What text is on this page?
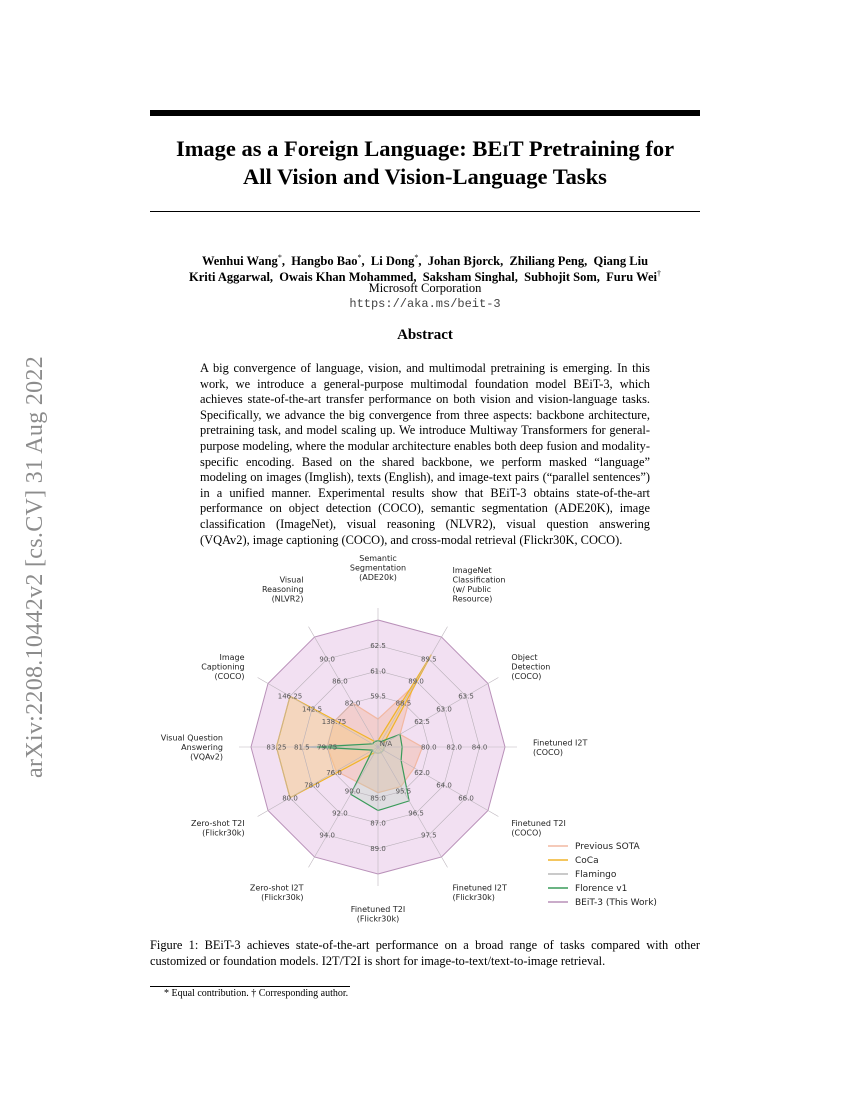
arXiv:2208.10442v2 [cs.CV] 31 Aug 2022
Image as a Foreign Language: BEiT Pretraining for
All Vision and Vision-Language Tasks
Wenhui Wang*,  Hangbo Bao*,  Li Dong*,  Johan Bjorck,  Zhiliang Peng,  Qiang Liu
Kriti Aggarwal,  Owais Khan Mohammed,  Saksham Singhal,  Subhojit Som,  Furu Wei†
Microsoft Corporation
https://aka.ms/beit-3
Abstract
A big convergence of language, vision, and multimodal pretraining is emerging. In this work, we introduce a general-purpose multimodal foundation model BEiT-3, which achieves state-of-the-art transfer performance on both vision and vision-language tasks. Specifically, we advance the big convergence from three aspects: backbone architecture, pretraining task, and model scaling up. We introduce Multiway Transformers for general-purpose modeling, where the modular architecture enables both deep fusion and modality-specific encoding. Based on the shared backbone, we perform masked “language” modeling on images (Imglish), texts (English), and image-text pairs (“parallel sentences”) in a unified manner. Experimental results show that BEiT-3 obtains state-of-the-art performance on object detection (COCO), semantic segmentation (ADE20K), image classification (ImageNet), visual reasoning (NLVR2), visual question answering (VQAv2), image captioning (COCO), and cross-modal retrieval (Flickr30K, COCO).
59.5
61.0
62.5
88.5
89.0
89.5
62.5
63.0
63.5
80.0 82.0 84.0
62.0
64.0
66.0
95.5
96.5
97.5
85.0
87.0
89.0
90.0
92.0
94.0
76.0
78.0
80.0
79.75
81.5
83.25
138.75
142.5
146.25
82.0
86.0
90.0
N/A
Semantic
Segmentation
(ADE20k)
ImageNet
Classification
(w/ Public
Resource)
Object
Detection
(COCO)
Finetuned I2T
(COCO)
Finetuned T2I
(COCO)
Finetuned I2T
(Flickr30k)
Finetuned T2I
(Flickr30k)
Zero-shot I2T
(Flickr30k)
Zero-shot T2I
(Flickr30k)
Visual Question
Answering
(VQAv2)
Image
Captioning
(COCO)
Visual
Reasoning
(NLVR2)
Previous SOTA
CoCa
Flamingo
Florence v1
BEiT-3 (This Work)
Figure 1: BEiT-3 achieves state-of-the-art performance on a broad range of tasks compared with other customized or foundation models. I2T/T2I is short for image-to-text/text-to-image retrieval.
* Equal contribution. † Corresponding author.
